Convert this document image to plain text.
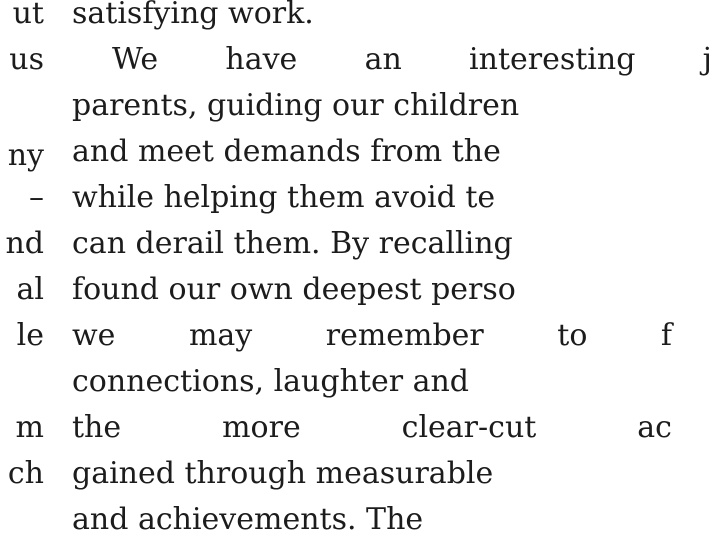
ut
us
ny
–
nd
al
le
m
ch
satisfying work.
We have an interesting j
parents, guiding our children
and meet demands from the
while helping them avoid te
can derail them. By recalling
found our own deepest perso
we may remember to f
connections, laughter and
the more clear-cut ac
gained through measurable
and achievements. The
